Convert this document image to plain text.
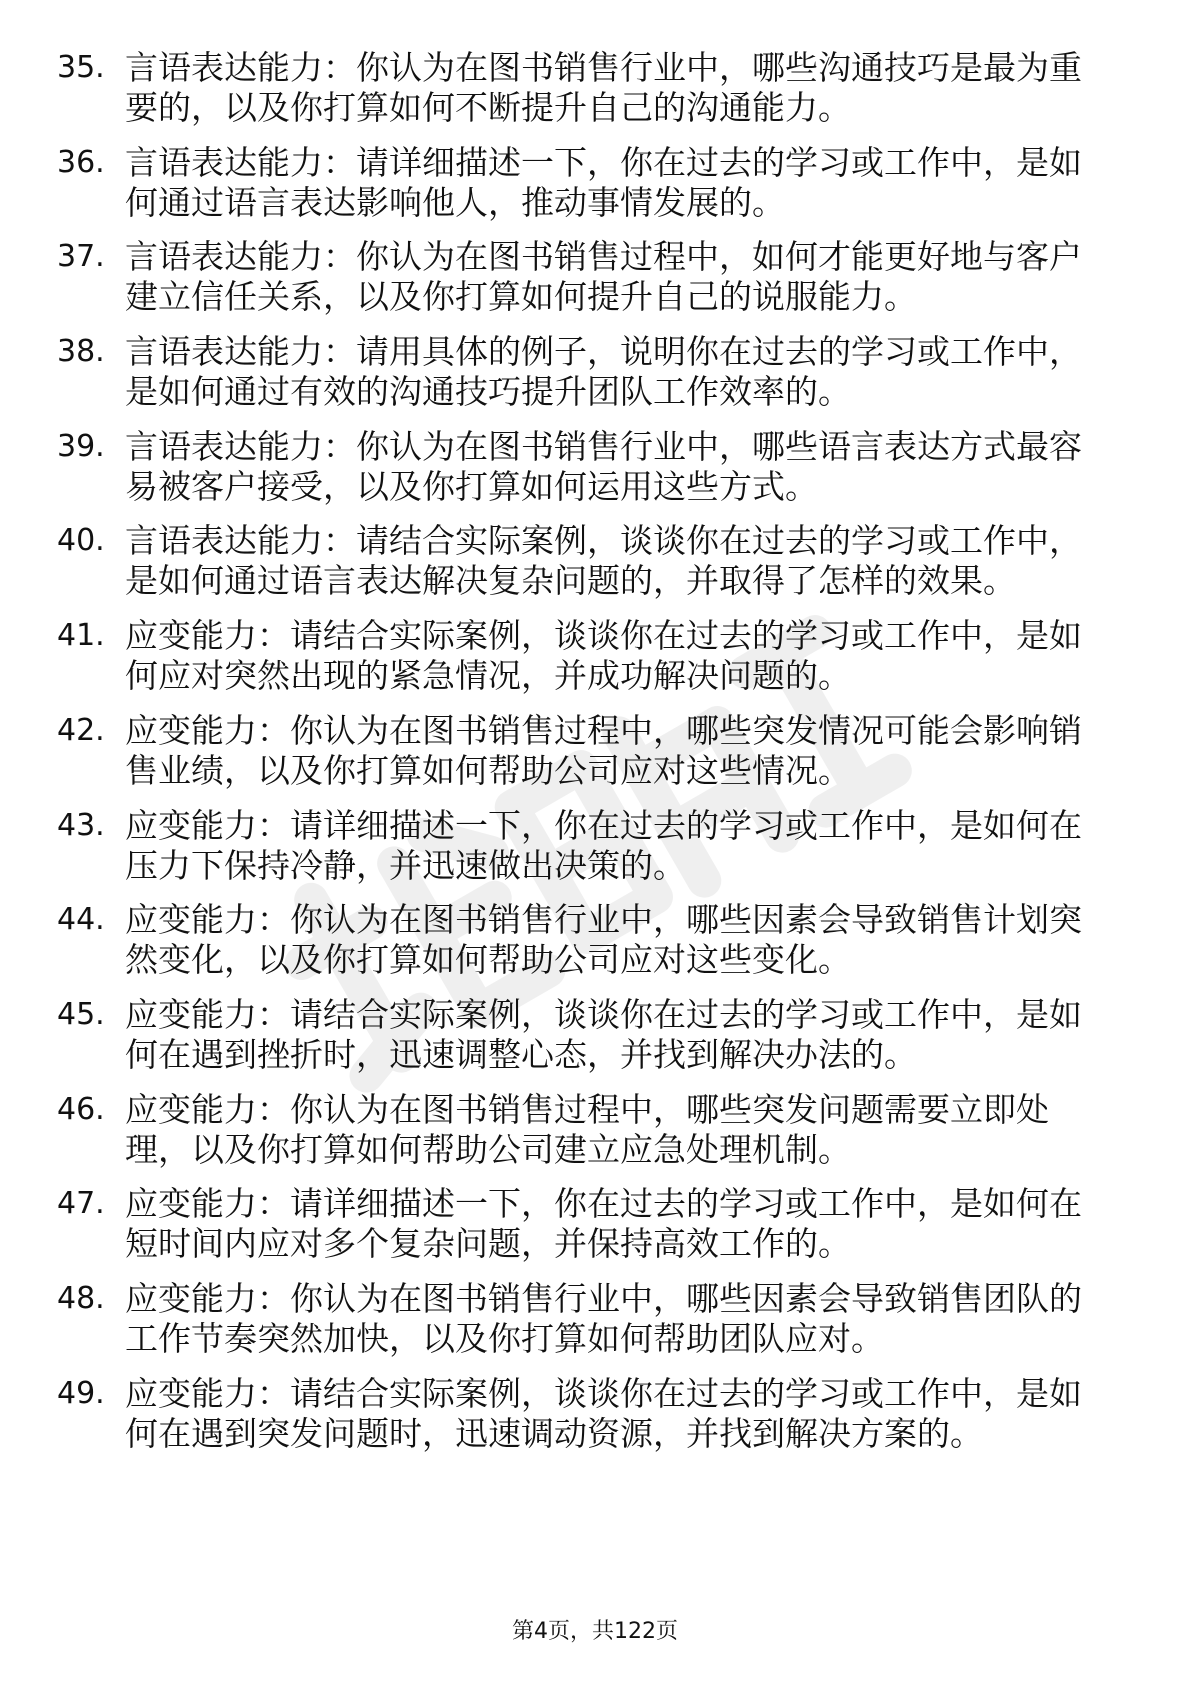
35. 言语表达能力：你认为在图书销售行业中，哪些沟通技巧是最为重要的，以及你打算如何不断提升自己的沟通能力。
36. 言语表达能力：请详细描述一下，你在过去的学习或工作中，是如何通过语言表达影响他人，推动事情发展的。
37. 言语表达能力：你认为在图书销售过程中，如何才能更好地与客户建立信任关系，以及你打算如何提升自己的说服能力。
38. 言语表达能力：请用具体的例子，说明你在过去的学习或工作中，是如何通过有效的沟通技巧提升团队工作效率的。
39. 言语表达能力：你认为在图书销售行业中，哪些语言表达方式最容易被客户接受，以及你打算如何运用这些方式。
40. 言语表达能力：请结合实际案例，谈谈你在过去的学习或工作中，是如何通过语言表达解决复杂问题的，并取得了怎样的效果。
41. 应变能力：请结合实际案例，谈谈你在过去的学习或工作中，是如何应对突然出现的紧急情况，并成功解决问题的。
42. 应变能力：你认为在图书销售过程中，哪些突发情况可能会影响销售业绩，以及你打算如何帮助公司应对这些情况。
43. 应变能力：请详细描述一下，你在过去的学习或工作中，是如何在压力下保持冷静，并迅速做出决策的。
44. 应变能力：你认为在图书销售行业中，哪些因素会导致销售计划突然变化，以及你打算如何帮助公司应对这些变化。
45. 应变能力：请结合实际案例，谈谈你在过去的学习或工作中，是如何在遇到挫折时，迅速调整心态，并找到解决办法的。
46. 应变能力：你认为在图书销售过程中，哪些突发问题需要立即处理，以及你打算如何帮助公司建立应急处理机制。
47. 应变能力：请详细描述一下，你在过去的学习或工作中，是如何在短时间内应对多个复杂问题，并保持高效工作的。
48. 应变能力：你认为在图书销售行业中，哪些因素会导致销售团队的工作节奏突然加快，以及你打算如何帮助团队应对。
49. 应变能力：请结合实际案例，谈谈你在过去的学习或工作中，是如何在遇到突发问题时，迅速调动资源，并找到解决方案的。
第4页，共122页
